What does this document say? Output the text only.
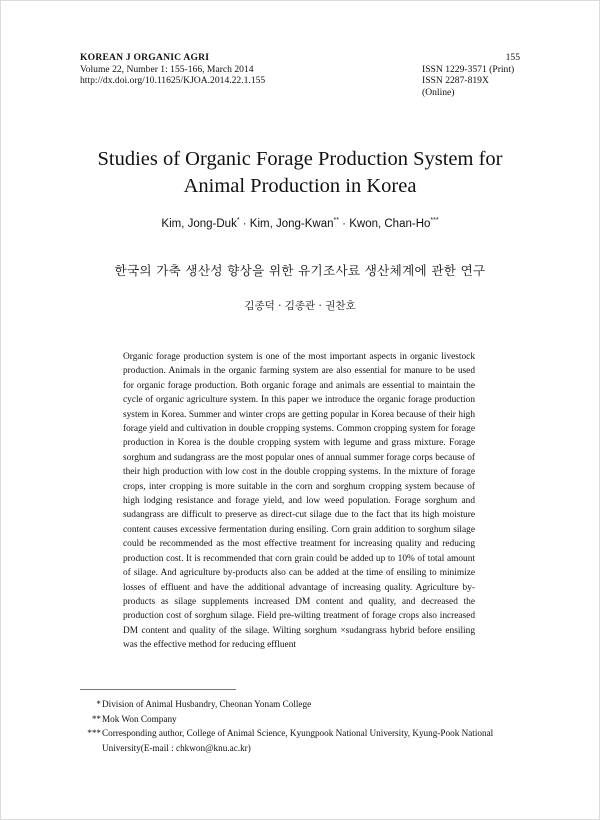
KOREAN J ORGANIC AGRI
Volume 22, Number 1: 155-166, March 2014
http://dx.doi.org/10.11625/KJOA.2014.22.1.155
155
ISSN 1229-3571 (Print)
ISSN 2287-819X (Online)
Studies of Organic Forage Production System for
Animal Production in Korea
Kim, Jong-Duk* · Kim, Jong-Kwan** · Kwon, Chan-Ho***
한국의 가축 생산성 향상을 위한 유기조사료 생산체계에 관한 연구
김종덕 · 김종관 · 권찬호

Organic forage production system is one of the most important aspects in organic livestock production. Animals in the organic farming system are also essential for manure to be used for organic forage production. Both organic forage and animals are essential to maintain the cycle of organic agriculture system. In this paper we introduce the organic forage production system in Korea. Summer and winter crops are getting popular in Korea because of their high forage yield and cultivation in double cropping systems. Common cropping system for forage production in Korea is the double cropping system with legume and grass mixture. Forage sorghum and sudangrass are the most popular ones of annual summer forage corps because of their high production with low cost in the double cropping systems. In the mixture of forage crops, inter cropping is more suitable in the corn and sorghum cropping system because of high lodging resistance and forage yield, and low weed population. Forage sorghum and sudangrass are difficult to preserve as direct-cut silage due to the fact that its high moisture content causes excessive fermentation during ensiling. Corn grain addition to sorghum silage could be recommended as the most effective treatment for increasing quality and reducing production cost. It is recommended that corn grain could be added up to 10% of total amount of silage. And agriculture by-products also can be added at the time of ensiling to minimize losses of effluent and have the additional advantage of increasing quality. Agriculture by-products as silage supplements increased DM content and quality, and decreased the production cost of sorghum silage. Field pre-wilting treatment of forage crops also increased DM content and quality of the silage. Wilting sorghum ×sudangrass hybrid before ensiling was the effective method for reducing effluent

* Division of Animal Husbandry, Cheonan Yonam College
** Mok Won Company
*** Corresponding author, College of Animal Science, Kyungpook National University, Kyung-Pook National University(E-mail : chkwon@knu.ac.kr)
